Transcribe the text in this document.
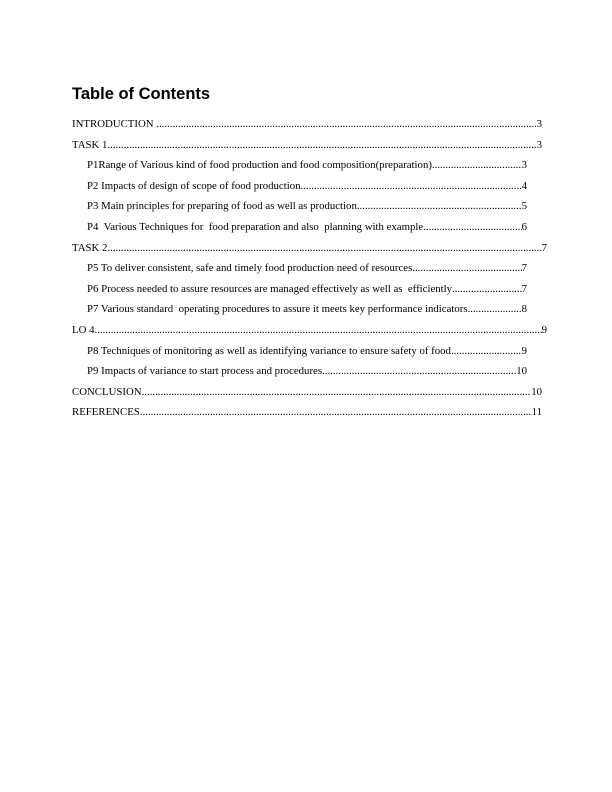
Table of Contents
INTRODUCTION .....	3
TASK 1 .....	3
P1Range of Various kind of food production and food composition(preparation) .....	3
P2 Impacts of design of scope of food production .....	4
P3 Main principles for preparing of food as well as production .....	5
P4  Various Techniques for  food preparation and also  planning with example .....	6
TASK 2 .....	7
P5 To deliver consistent, safe and timely food production need of resources .....	7
P6 Process needed to assure resources are managed effectively as well as  efficiently .....	7
P7 Various standard  operating procedures to assure it meets key performance indicators .....	8
LO 4 .....	9
P8 Techniques of monitoring as well as identifying variance to ensure safety of food .....	9
P9 Impacts of variance to start process and procedures .....	10
CONCLUSION .....	10
REFERENCES .....	11
